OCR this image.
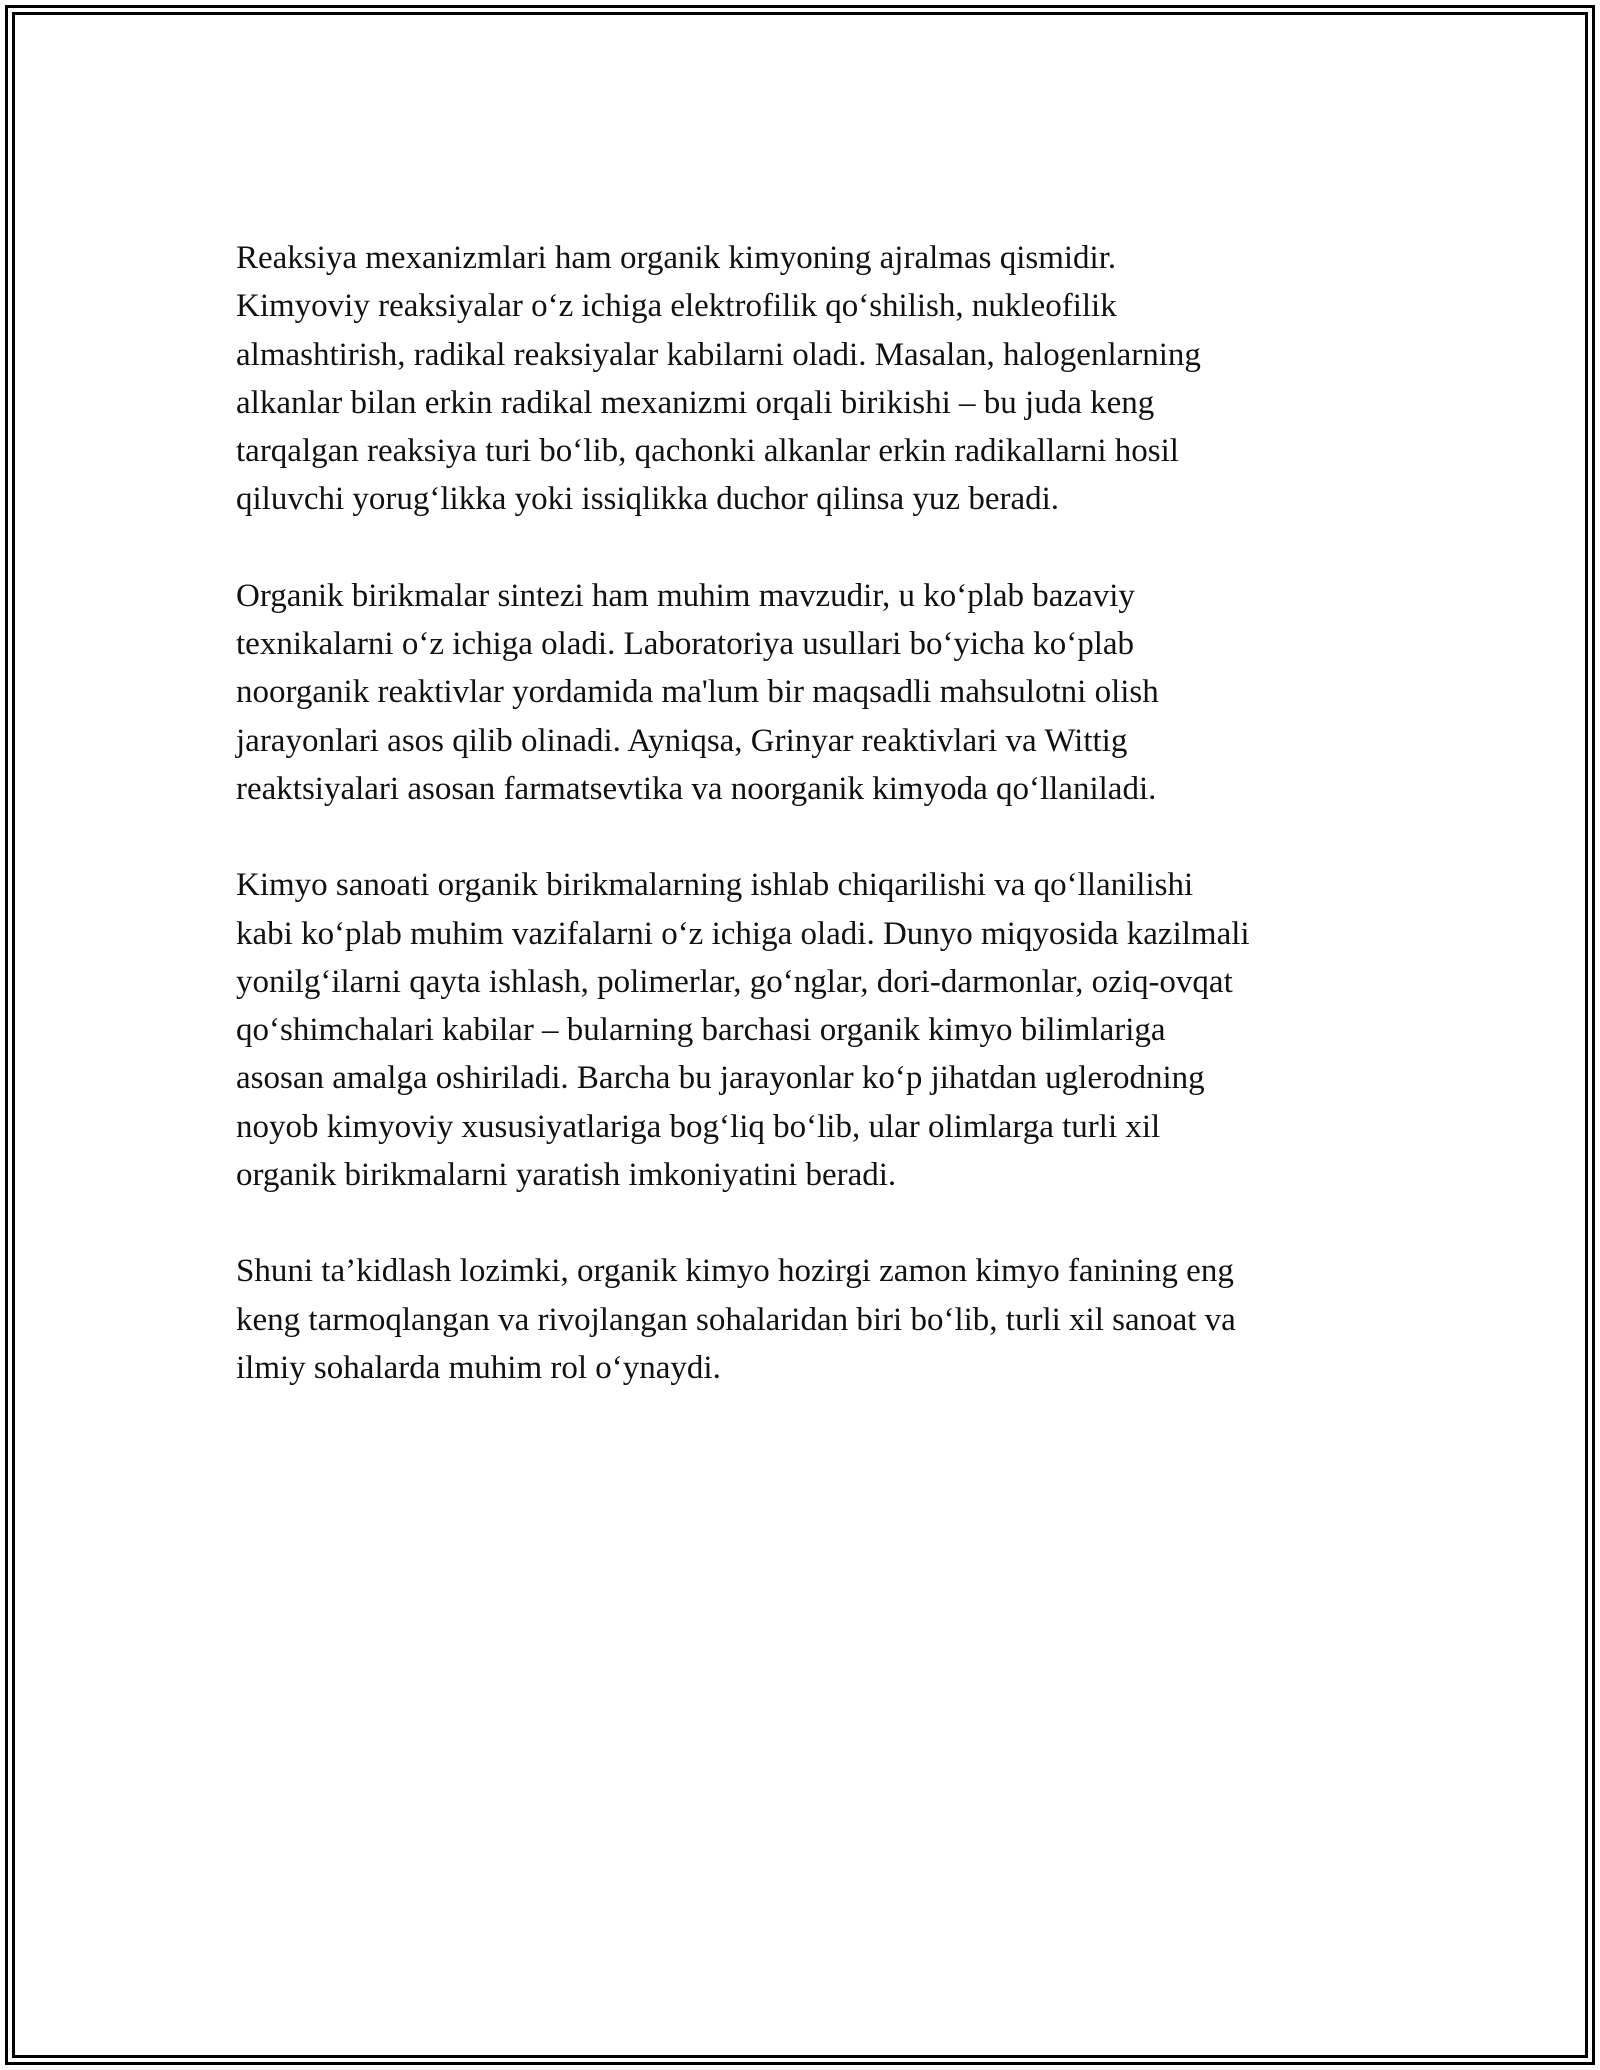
Reaksiya mexanizmlari ham organik kimyoning ajralmas qismidir.
Kimyoviy reaksiyalar o‘z ichiga elektrofilik qo‘shilish, nukleofilik
almashtirish, radikal reaksiyalar kabilarni oladi. Masalan, halogenlarning
alkanlar bilan erkin radikal mexanizmi orqali birikishi – bu juda keng
tarqalgan reaksiya turi bo‘lib, qachonki alkanlar erkin radikallarni hosil
qiluvchi yorug‘likka yoki issiqlikka duchor qilinsa yuz beradi.

Organik birikmalar sintezi ham muhim mavzudir, u ko‘plab bazaviy
texnikalarni o‘z ichiga oladi. Laboratoriya usullari bo‘yicha ko‘plab
noorganik reaktivlar yordamida ma'lum bir maqsadli mahsulotni olish
jarayonlari asos qilib olinadi. Ayniqsa, Grinyar reaktivlari va Wittig
reaktsiyalari asosan farmatsevtika va noorganik kimyoda qo‘llaniladi.

Kimyo sanoati organik birikmalarning ishlab chiqarilishi va qo‘llanilishi
kabi ko‘plab muhim vazifalarni o‘z ichiga oladi. Dunyo miqyosida kazilmali
yonilg‘ilarni qayta ishlash, polimerlar, go‘nglar, dori-darmonlar, oziq-ovqat
qo‘shimchalari kabilar – bularning barchasi organik kimyo bilimlariga
asosan amalga oshiriladi. Barcha bu jarayonlar ko‘p jihatdan uglerodning
noyob kimyoviy xususiyatlariga bog‘liq bo‘lib, ular olimlarga turli xil
organik birikmalarni yaratish imkoniyatini beradi.

Shuni ta’kidlash lozimki, organik kimyo hozirgi zamon kimyo fanining eng
keng tarmoqlangan va rivojlangan sohalaridan biri bo‘lib, turli xil sanoat va
ilmiy sohalarda muhim rol o‘ynaydi.
